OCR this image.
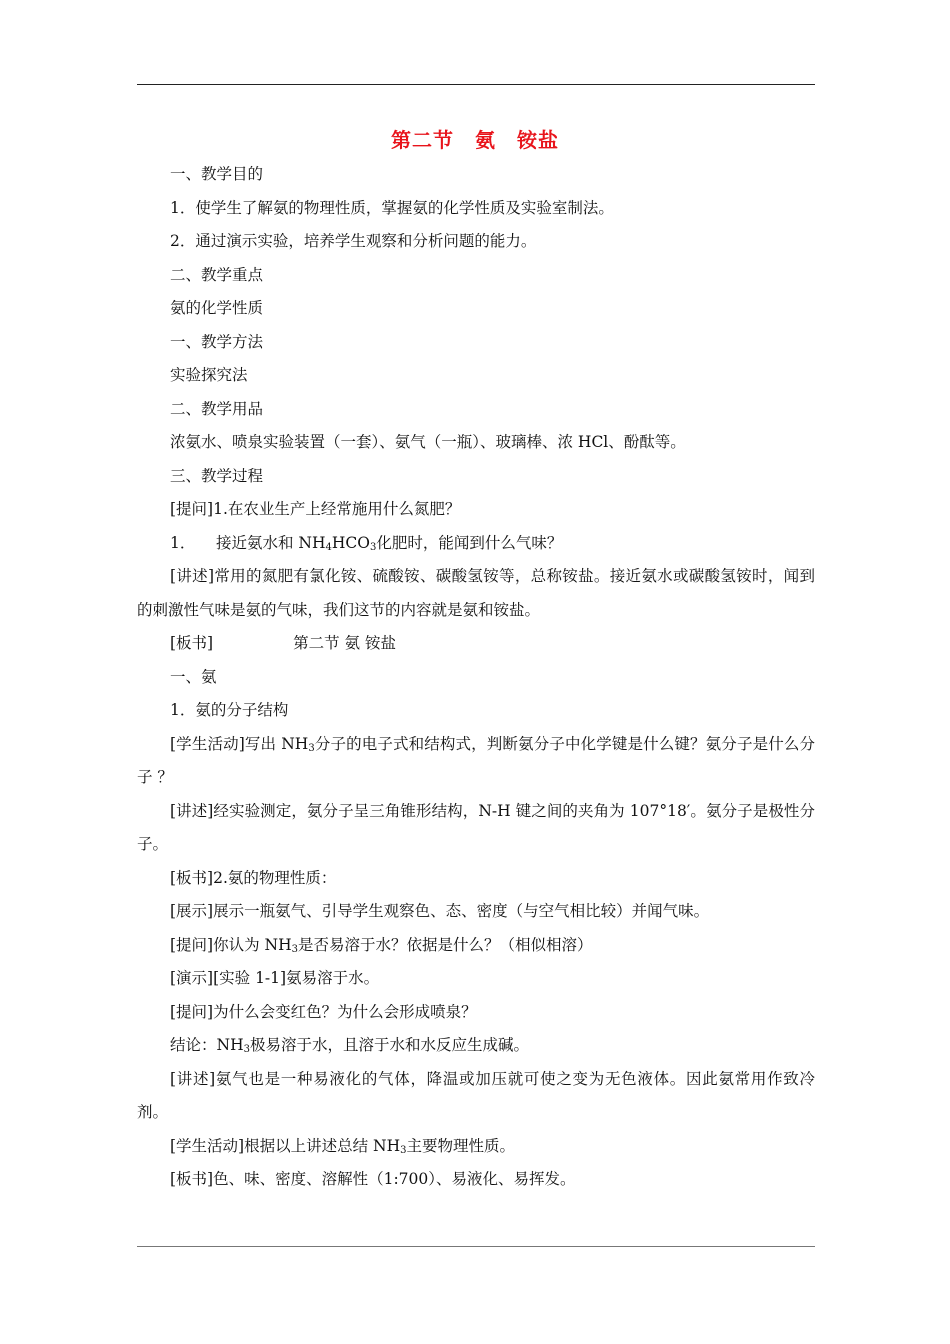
第二节　氨　铵盐

一、教学目的

1．使学生了解氨的物理性质，掌握氨的化学性质及实验室制法。

2．通过演示实验，培养学生观察和分析问题的能力。

二、教学重点

氨的化学性质

一、教学方法

实验探究法

二、教学用品

浓氨水、喷泉实验装置（一套）、氨气（一瓶）、玻璃棒、浓 HCl、酚酞等。

三、教学过程

[提问]1.在农业生产上经常施用什么氮肥？

1． 接近氨水和 $NH_4HCO_3$化肥时，能闻到什么气味？

[讲述]常用的氮肥有氯化铵、硫酸铵、碳酸氢铵等，总称铵盐。接近氨水或碳酸氢铵时，闻到的刺激性气味是氨的气味，我们这节的内容就是氨和铵盐。

[板书]	第二节 氨 铵盐

一、氨

1．氨的分子结构

[学生活动]写出 $NH_3$分子的电子式和结构式，判断氨分子中化学键是什么键？氨分子是什么分子 ？

[讲述]经实验测定，氨分子呈三角锥形结构，N-H 键之间的夹角为 107°18′。氨分子是极性分子。

[板书]2.氨的物理性质：

[展示]展示一瓶氨气、引导学生观察色、态、密度（与空气相比较）并闻气味。

[提问]你认为 $NH_3$是否易溶于水？依据是什么？（相似相溶）

[演示][实验 1-1]氨易溶于水。

[提问]为什么会变红色？为什么会形成喷泉？

结论：$NH_3$极易溶于水，且溶于水和水反应生成碱。

[讲述]氨气也是一种易液化的气体，降温或加压就可使之变为无色液体。因此氨常用作致冷剂。

[学生活动]根据以上讲述总结 $NH_3$主要物理性质。

[板书]色、味、密度、溶解性（1:700）、易液化、易挥发。
